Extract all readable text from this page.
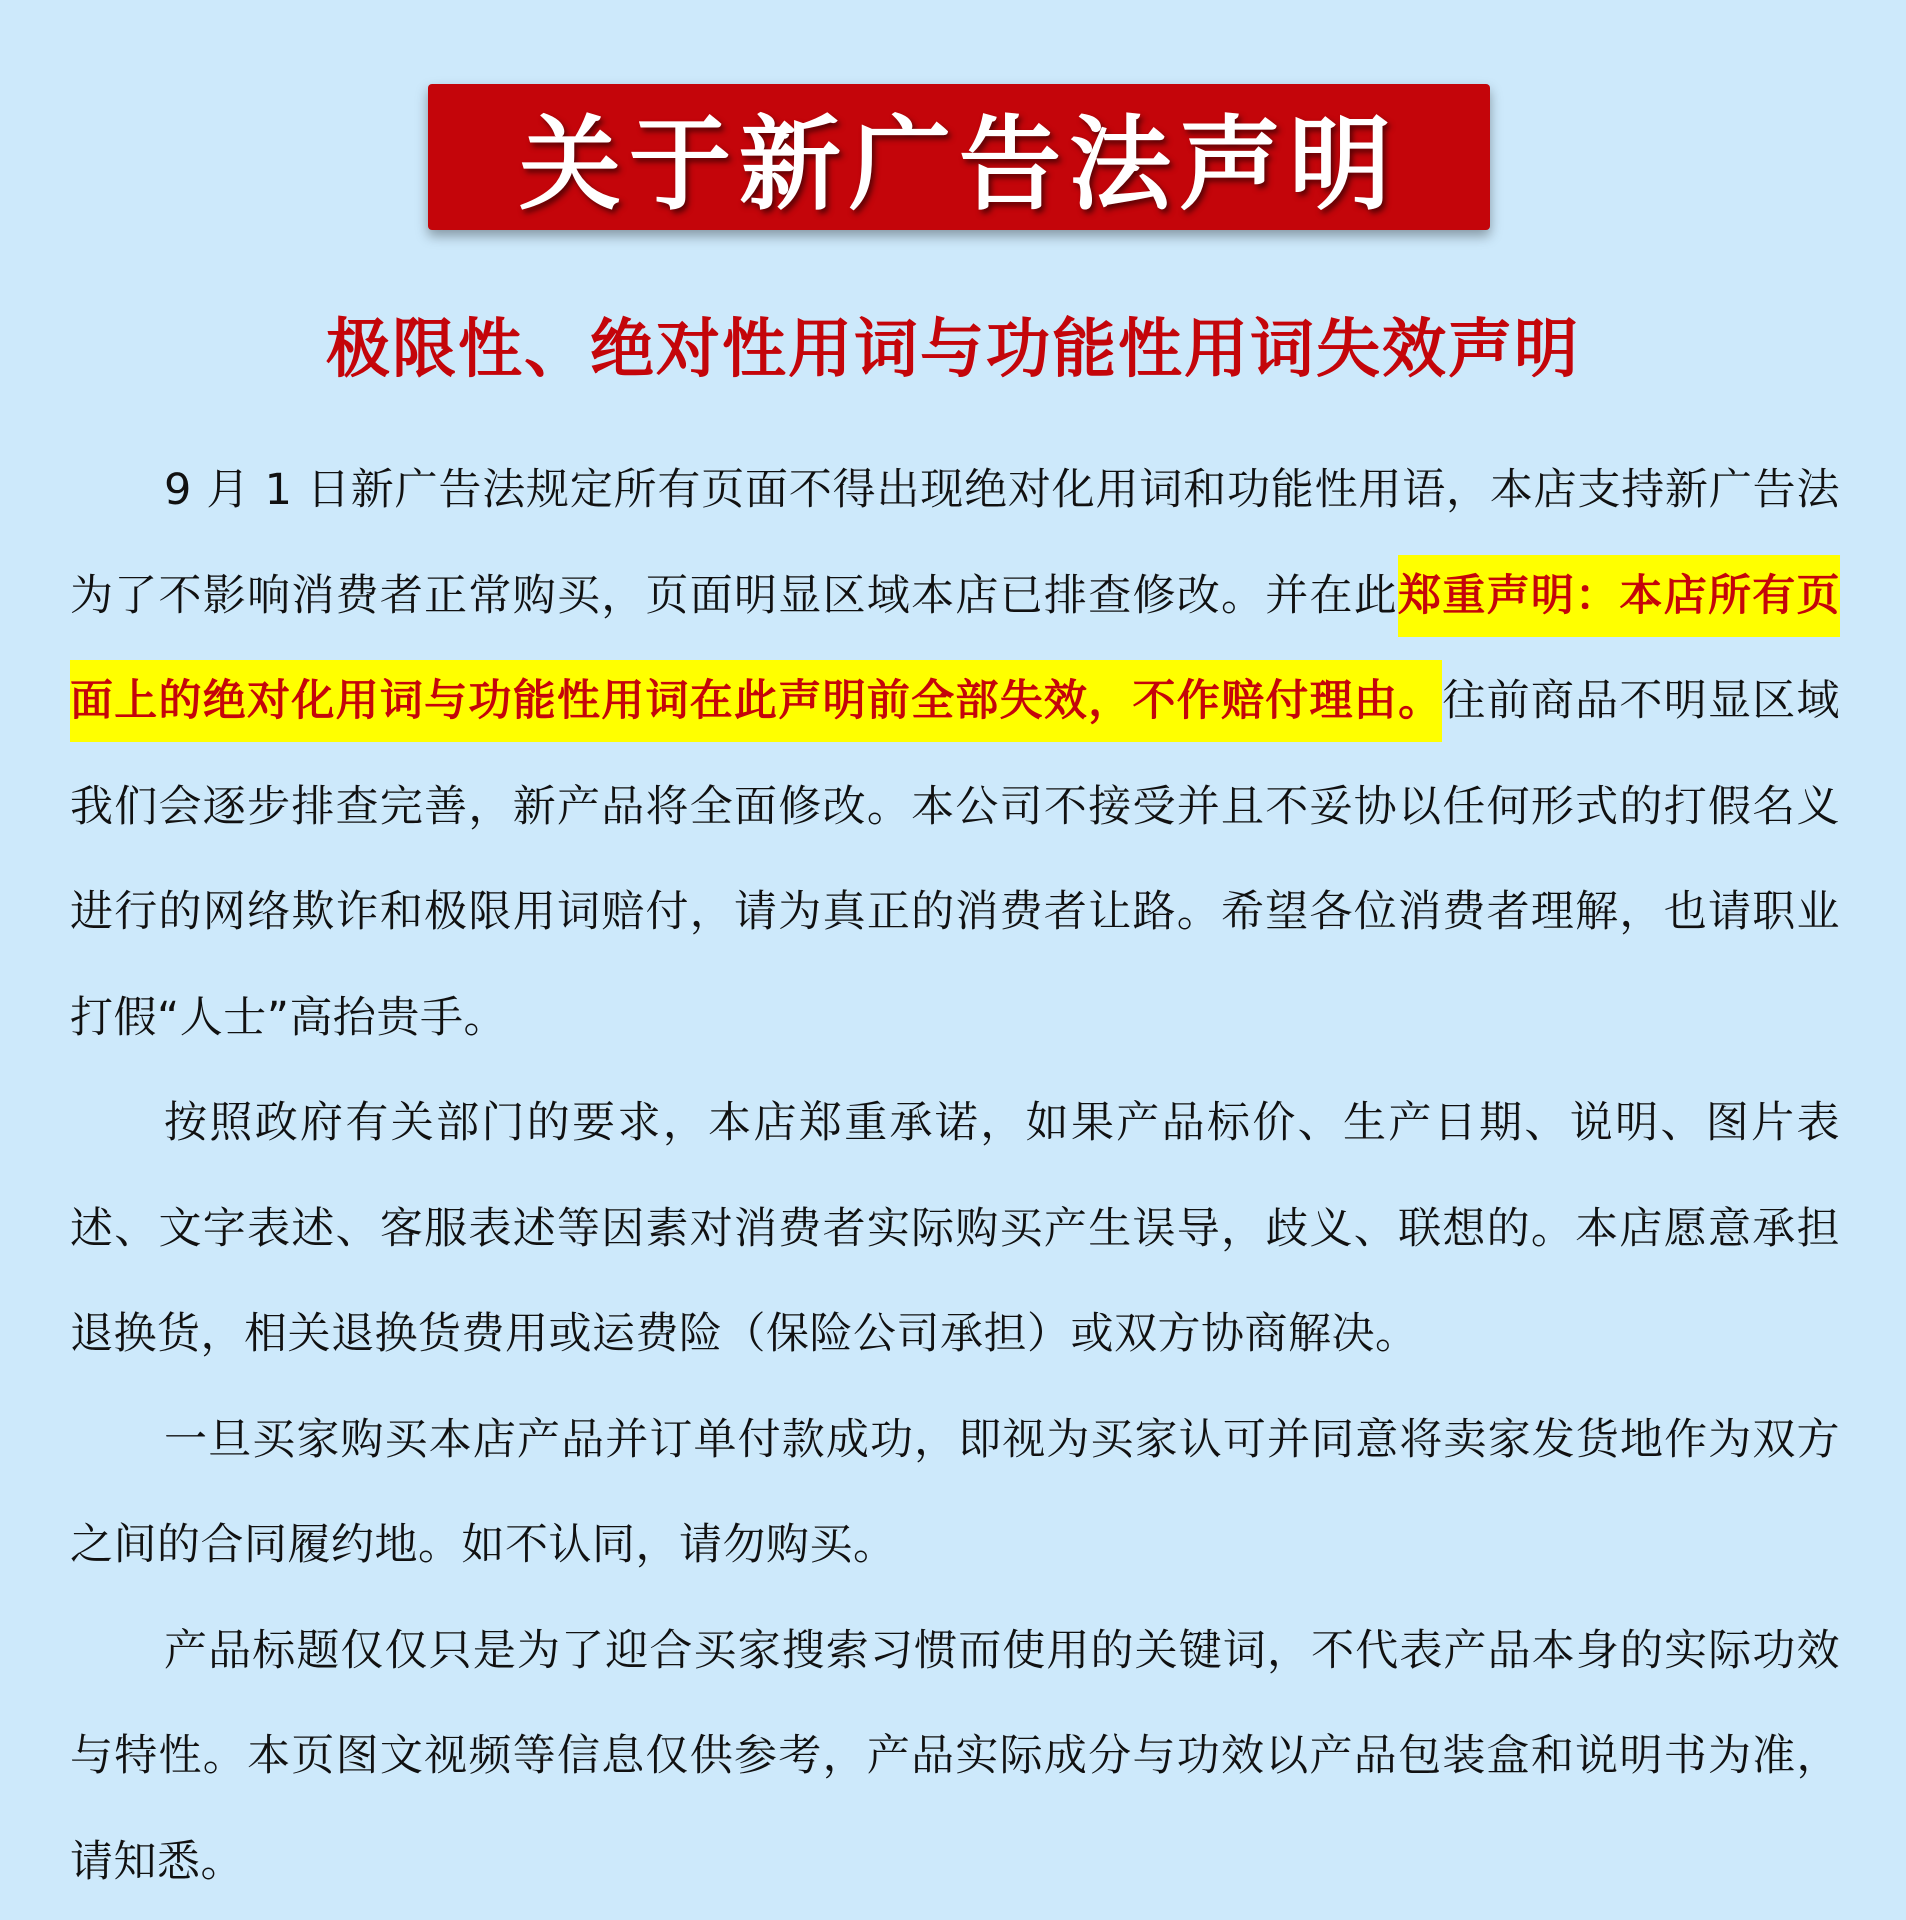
关于新广告法声明
极限性、绝对性用词与功能性用词失效声明

9 月 1 日新广告法规定所有页面不得出现绝对化用词和功能性用语，本店支持新广告法为了不影响消费者正常购买，页面明显区域本店已排查修改。并在此郑重声明：本店所有页面上的绝对化用词与功能性用词在此声明前全部失效，不作赔付理由。往前商品不明显区域我们会逐步排查完善，新产品将全面修改。本公司不接受并且不妥协以任何形式的打假名义进行的网络欺诈和极限用词赔付，请为真正的消费者让路。希望各位消费者理解，也请职业打假“人士”高抬贵手。

按照政府有关部门的要求，本店郑重承诺，如果产品标价、生产日期、说明、图片表述、文字表述、客服表述等因素对消费者实际购买产生误导，歧义、联想的。本店愿意承担退换货，相关退换货费用或运费险（保险公司承担）或双方协商解决。

一旦买家购买本店产品并订单付款成功，即视为买家认可并同意将卖家发货地作为双方之间的合同履约地。如不认同，请勿购买。

产品标题仅仅只是为了迎合买家搜索习惯而使用的关键词，不代表产品本身的实际功效与特性。本页图文视频等信息仅供参考，产品实际成分与功效以产品包装盒和说明书为准，请知悉。
